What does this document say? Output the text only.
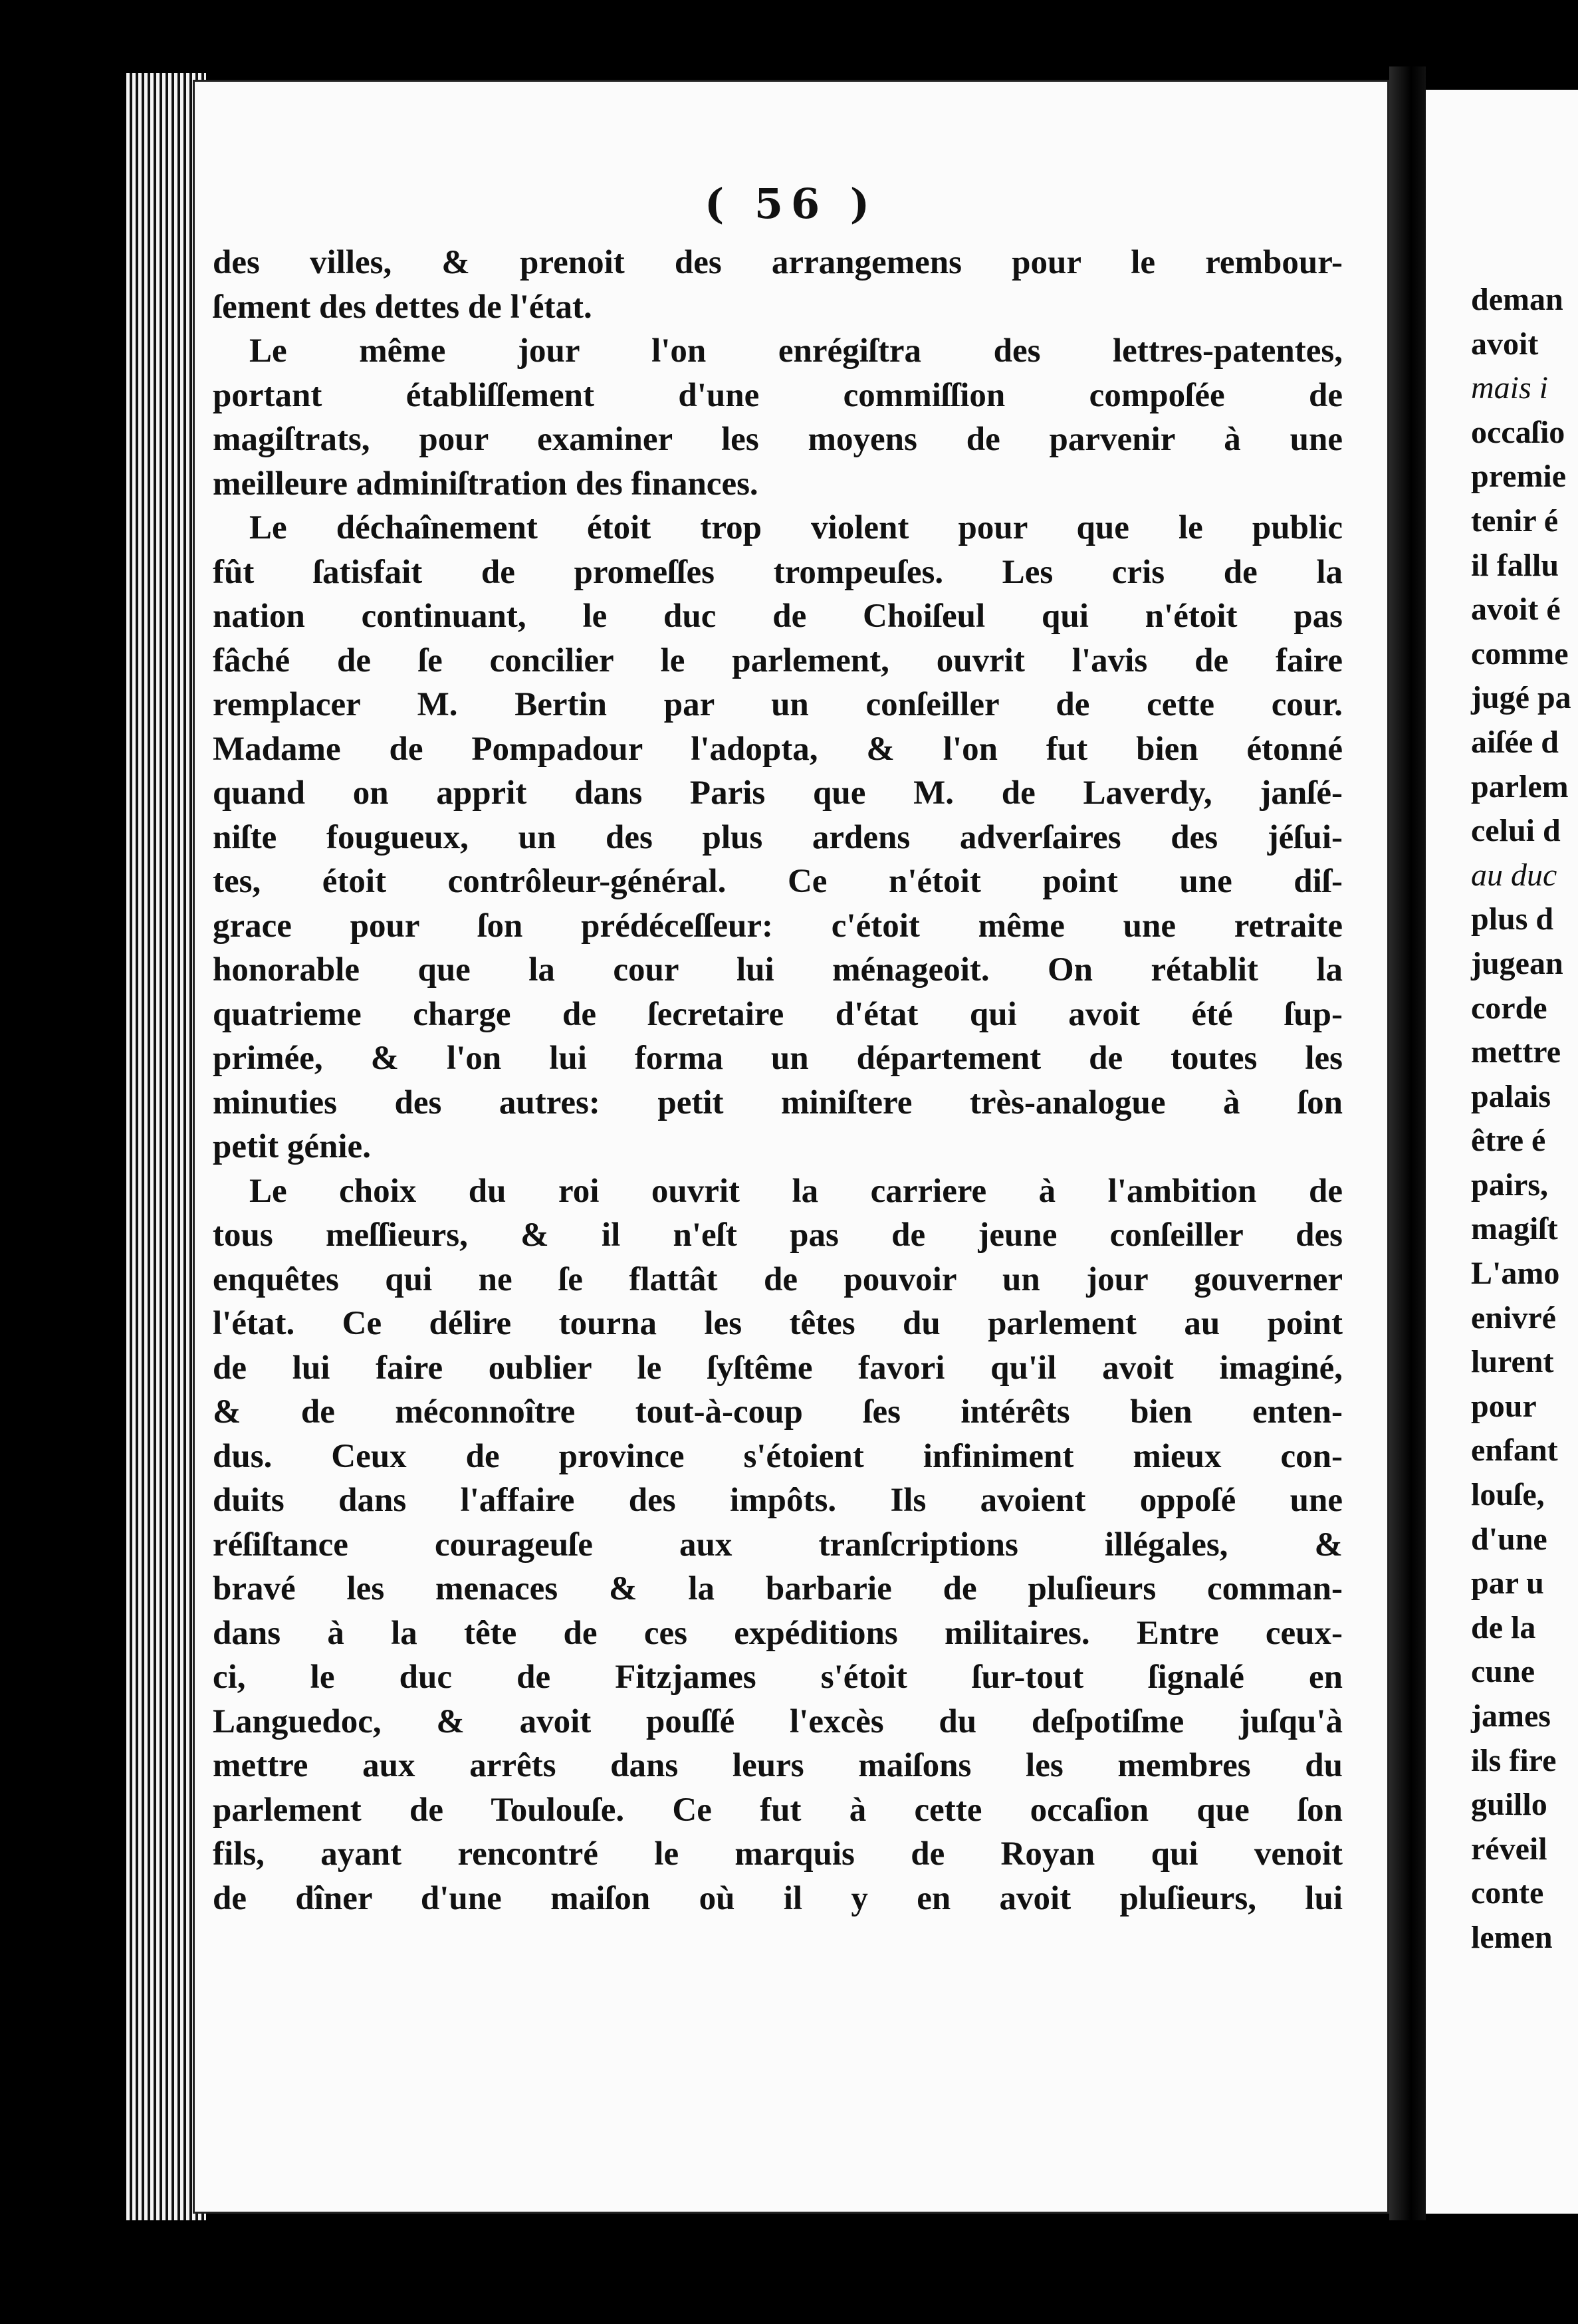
( 56 )
des villes, & prenoit des arrangemens pour le rembour-
ſement des dettes de l'état.
Le même jour l'on enrégiſtra des lettres-patentes,
portant établiſſement d'une commiſſion compoſée de
magiſtrats, pour examiner les moyens de parvenir à une
meilleure adminiſtration des finances.
Le déchaînement étoit trop violent pour que le public
fût ſatisfait de promeſſes trompeuſes. Les cris de la
nation continuant, le duc de Choiſeul qui n'étoit pas
fâché de ſe concilier le parlement, ouvrit l'avis de faire
remplacer M. Bertin par un conſeiller de cette cour.
Madame de Pompadour l'adopta, & l'on fut bien étonné
quand on apprit dans Paris que M. de Laverdy, janſé-
niſte fougueux, un des plus ardens adverſaires des jéſui-
tes, étoit contrôleur-général. Ce n'étoit point une diſ-
grace pour ſon prédéceſſeur: c'étoit même une retraite
honorable que la cour lui ménageoit. On rétablit la
quatrieme charge de ſecretaire d'état qui avoit été ſup-
primée, & l'on lui forma un département de toutes les
minuties des autres: petit miniſtere très-analogue à ſon
petit génie.
Le choix du roi ouvrit la carriere à l'ambition de
tous meſſieurs, & il n'eſt pas de jeune conſeiller des
enquêtes qui ne ſe flattât de pouvoir un jour gouverner
l'état. Ce délire tourna les têtes du parlement au point
de lui faire oublier le ſyſtême favori qu'il avoit imaginé,
& de méconnoître tout-à-coup ſes intérêts bien enten-
dus. Ceux de province s'étoient infiniment mieux con-
duits dans l'affaire des impôts. Ils avoient oppoſé une
réſiſtance courageuſe aux tranſcriptions illégales, &
bravé les menaces & la barbarie de pluſieurs comman-
dans à la tête de ces expéditions militaires. Entre ceux-
ci, le duc de Fitzjames s'étoit ſur-tout ſignalé en
Languedoc, & avoit pouſſé l'excès du deſpotiſme juſqu'à
mettre aux arrêts dans leurs maiſons les membres du
parlement de Toulouſe. Ce fut à cette occaſion que ſon
fils, ayant rencontré le marquis de Royan qui venoit
de dîner d'une maiſon où il y en avoit pluſieurs, lui
deman
avoit
mais i
occaſio
premie
tenir é
il fallu
avoit é
comme
jugé pa
aiſée d
parlem
celui d
au duc
plus d
jugean
corde
mettre
palais
être é
pairs,
magiſt
L'amo
enivré
lurent
pour
enfant
louſe,
d'une
par u
de la
cune
james
ils fire
guillo
réveil
conte
lemen
